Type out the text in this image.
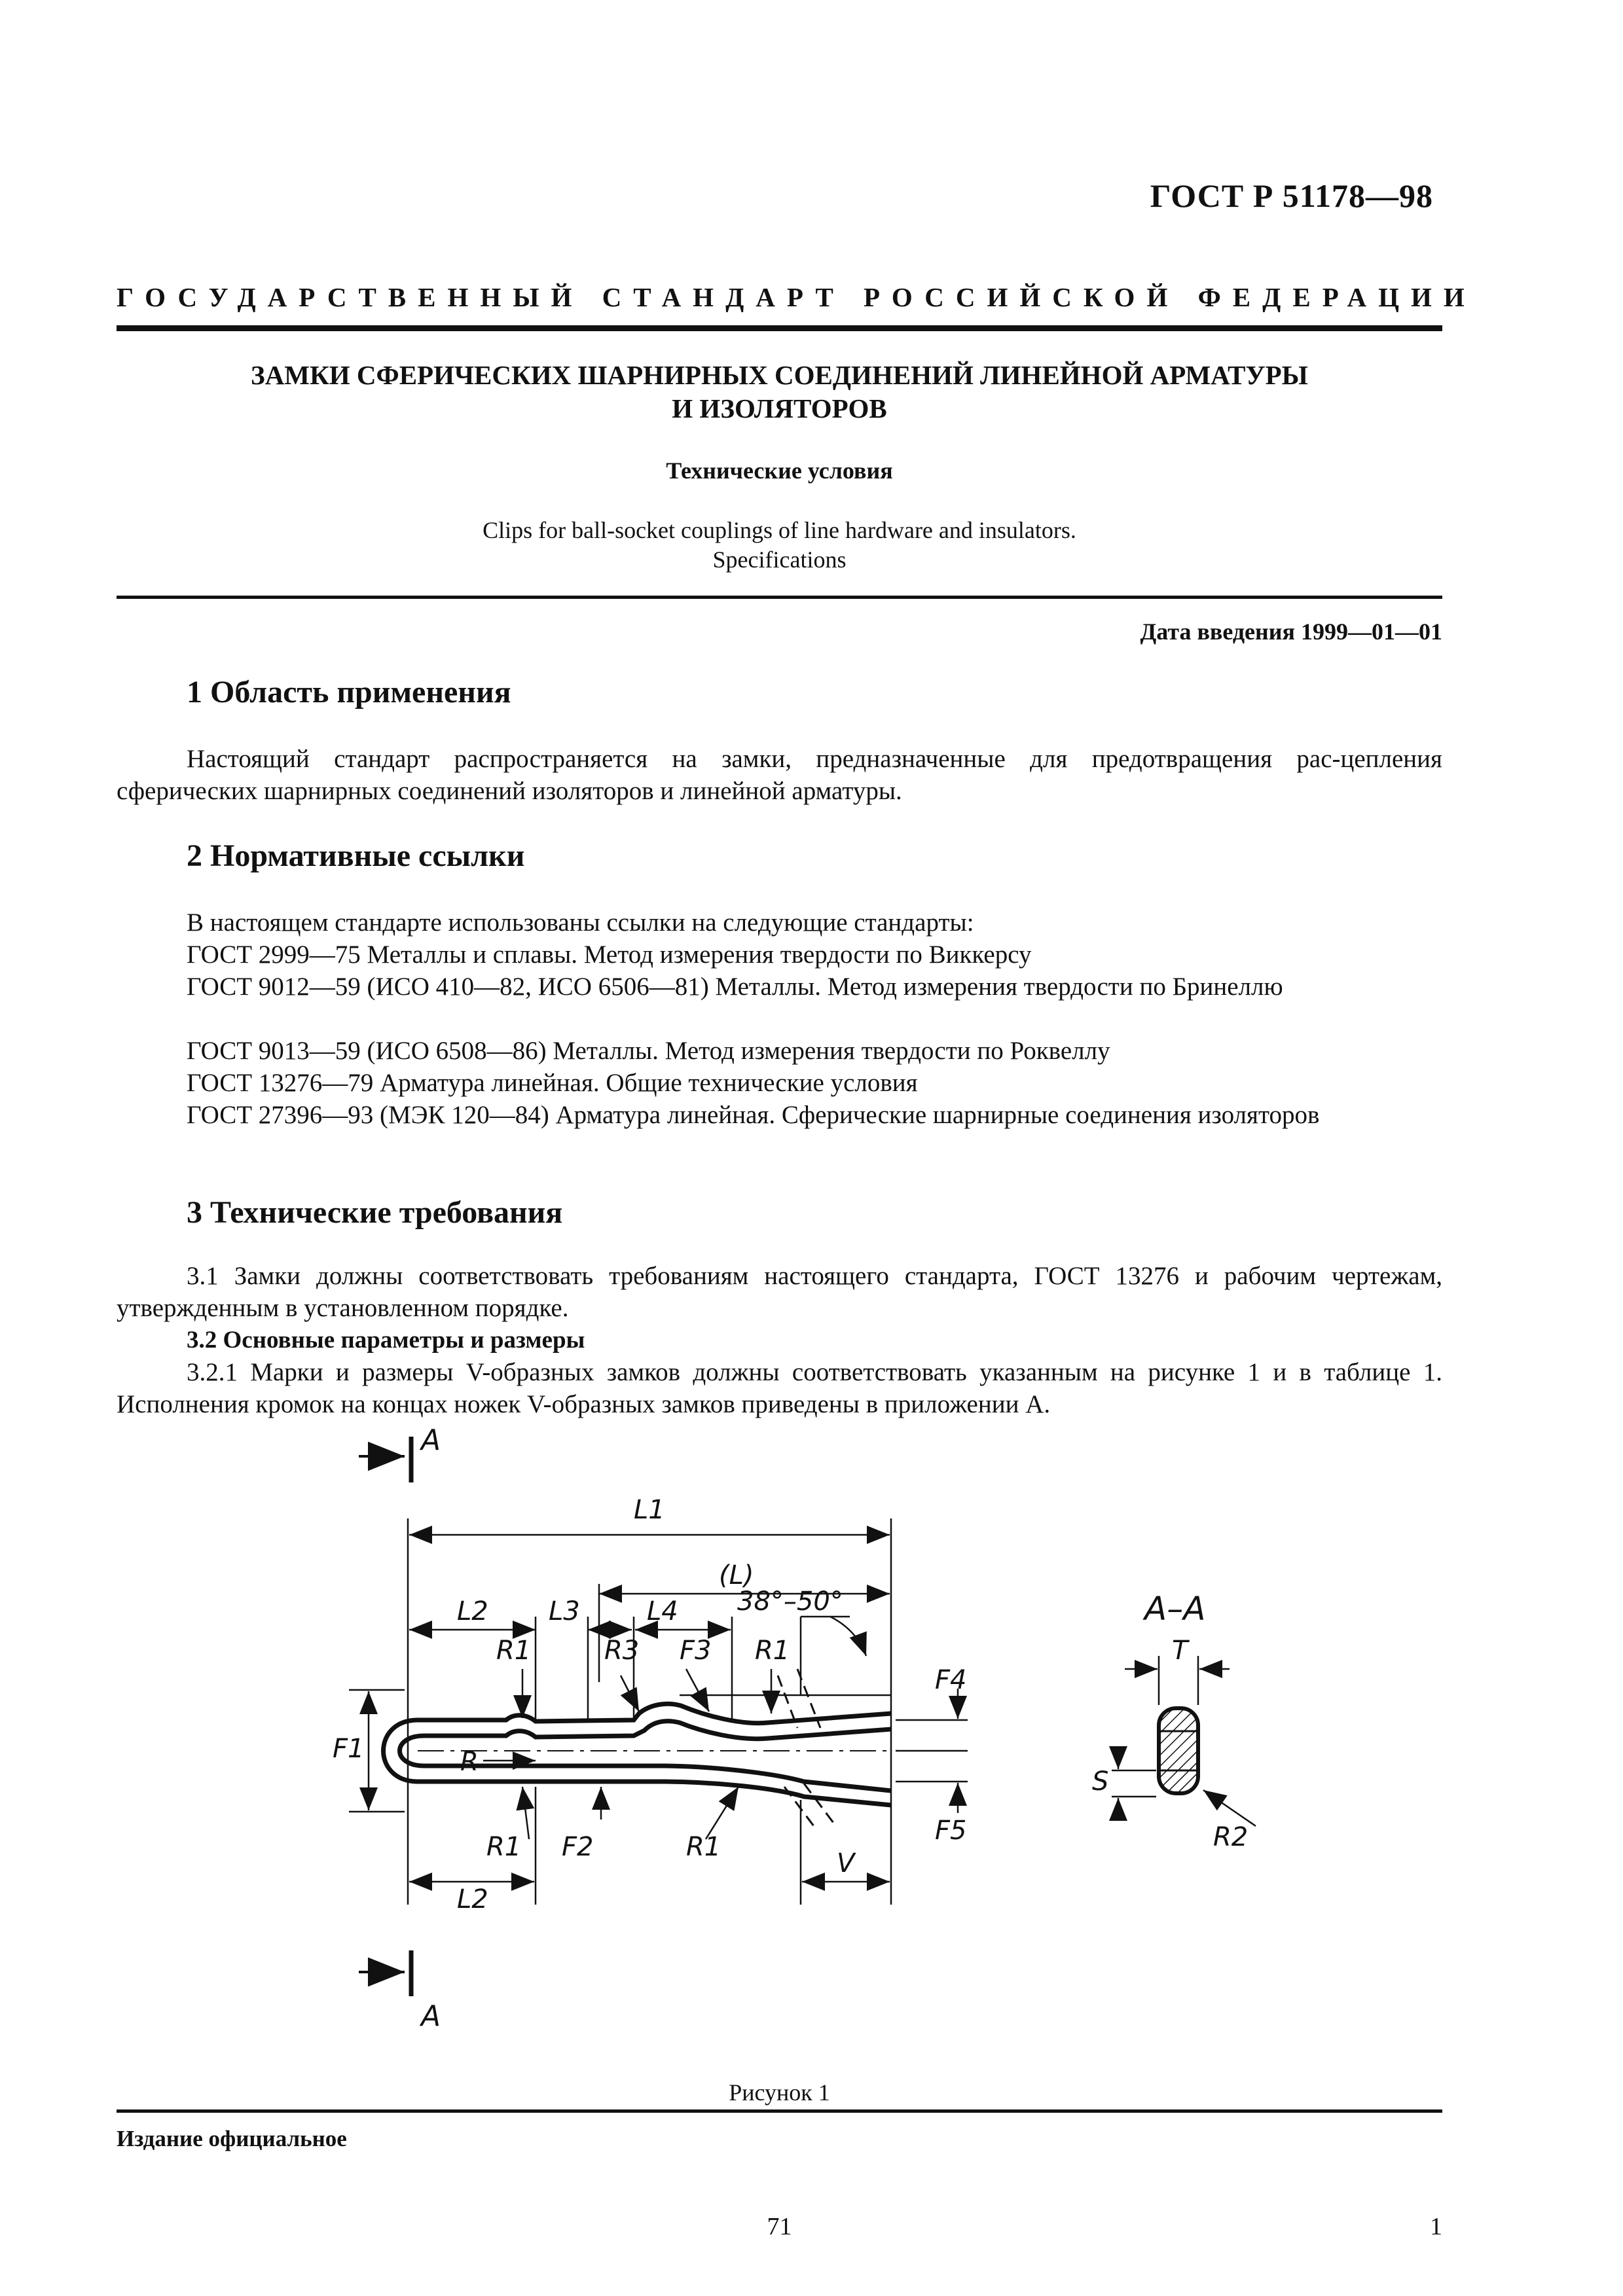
ГОСТ Р 51178—98
ГОСУДАРСТВЕННЫЙ СТАНДАРТ РОССИЙСКОЙ ФЕДЕРАЦИИ
ЗАМКИ СФЕРИЧЕСКИХ ШАРНИРНЫХ СОЕДИНЕНИЙ ЛИНЕЙНОЙ АРМАТУРЫ
И ИЗОЛЯТОРОВ
Технические условия
Clips for ball-socket couplings of line hardware and insulators.
Specifications
Дата введения 1999—01—01
1 Область применения
Настоящий стандарт распространяется на замки, предназначенные для предотвращения рас-цепления сферических шарнирных соединений изоляторов и линейной арматуры.
2 Нормативные ссылки
В настоящем стандарте использованы ссылки на следующие стандарты:
ГОСТ 2999—75 Металлы и сплавы. Метод измерения твердости по Виккерсу
ГОСТ 9012—59 (ИСО 410—82, ИСО 6506—81) Металлы. Метод измерения твердости по Бринеллю
ГОСТ 9013—59 (ИСО 6508—86) Металлы. Метод измерения твердости по Роквеллу
ГОСТ 13276—79 Арматура линейная. Общие технические условия
ГОСТ 27396—93 (МЭК 120—84) Арматура линейная. Сферические шарнирные соединения изоляторов
3 Технические требования
3.1 Замки должны соответствовать требованиям настоящего стандарта, ГОСТ 13276 и рабочим чертежам, утвержденным в установленном порядке.
3.2 Основные параметры и размеры
3.2.1 Марки и размеры V-образных замков должны соответствовать указанным на рисунке 1 и в таблице 1. Исполнения кромок на концах ножек V-образных замков приведены в приложении А.
A
A
L1
(L)
38°–50°
L2 L3	L4
R1	R3 F3 R1
F1	R
F4
F5
R1 F2	R1
L2
V
A–A
T
S
R2
Рисунок 1
Издание официальное
71	1
